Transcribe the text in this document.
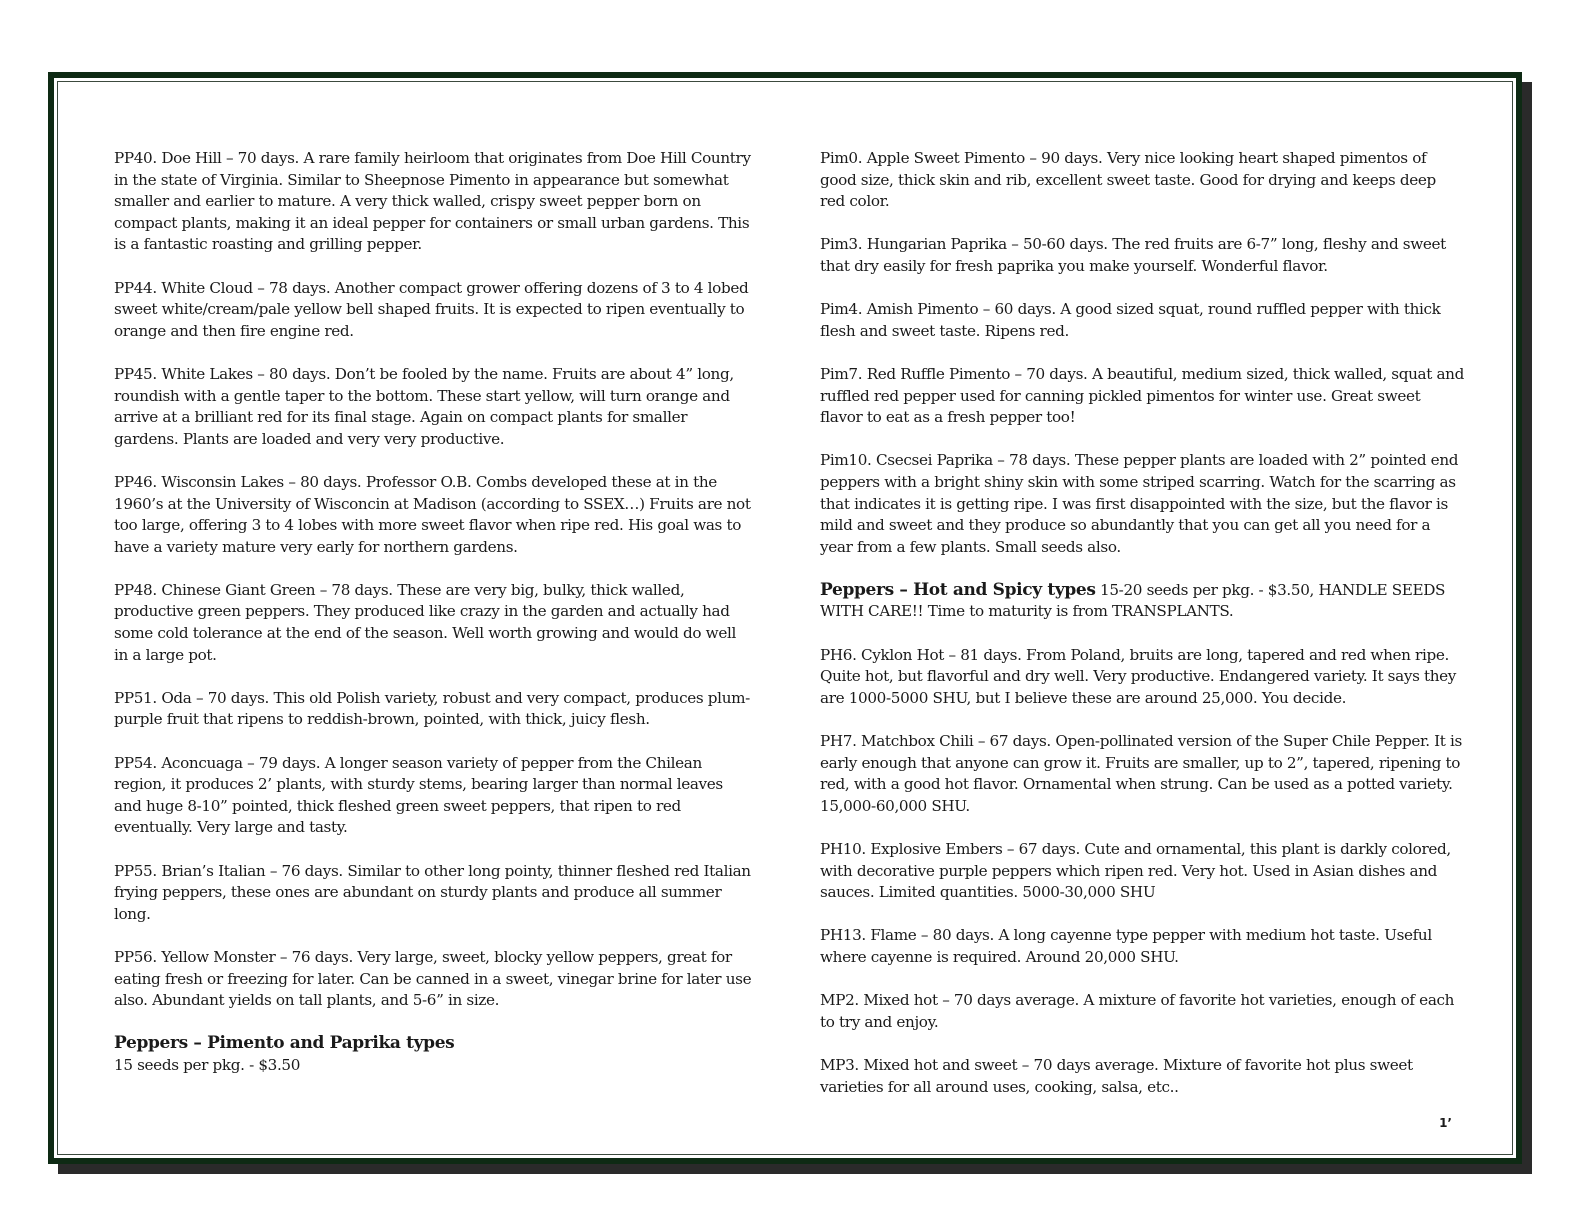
PP40. Doe Hill – 70 days. A rare family heirloom that originates from Doe Hill Country in the state of Virginia. Similar to Sheepnose Pimento in appearance but somewhat smaller and earlier to mature. A very thick walled, crispy sweet pepper born on compact plants, making it an ideal pepper for containers or small urban gardens. This is a fantastic roasting and grilling pepper.

PP44. White Cloud – 78 days. Another compact grower offering dozens of 3 to 4 lobed sweet white/cream/pale yellow bell shaped fruits. It is expected to ripen eventually to orange and then fire engine red.

PP45. White Lakes – 80 days. Don’t be fooled by the name. Fruits are about 4” long, roundish with a gentle taper to the bottom. These start yellow, will turn orange and arrive at a brilliant red for its final stage. Again on compact plants for smaller gardens. Plants are loaded and very very productive.

PP46. Wisconsin Lakes – 80 days. Professor O.B. Combs developed these at in the 1960’s at the University of Wisconcin at Madison (according to SSEX…) Fruits are not too large, offering 3 to 4 lobes with more sweet flavor when ripe red. His goal was to have a variety mature very early for northern gardens.

PP48. Chinese Giant Green – 78 days. These are very big, bulky, thick walled, productive green peppers. They produced like crazy in the garden and actually had some cold tolerance at the end of the season. Well worth growing and would do well in a large pot.

PP51. Oda – 70 days. This old Polish variety, robust and very compact, produces plum-purple fruit that ripens to reddish-brown, pointed, with thick, juicy flesh.

PP54. Aconcuaga – 79 days. A longer season variety of pepper from the Chilean region, it produces 2’ plants, with sturdy stems, bearing larger than normal leaves and huge 8-10” pointed, thick fleshed green sweet peppers, that ripen to red eventually. Very large and tasty.

PP55. Brian’s Italian – 76 days. Similar to other long pointy, thinner fleshed red Italian frying peppers, these ones are abundant on sturdy plants and produce all summer long.

PP56. Yellow Monster – 76 days. Very large, sweet, blocky yellow peppers, great for eating fresh or freezing for later. Can be canned in a sweet, vinegar brine for later use also. Abundant yields on tall plants, and 5-6” in size.

Peppers – Pimento and Paprika types
15 seeds per pkg. - $3.50

Pim0. Apple Sweet Pimento – 90 days. Very nice looking heart shaped pimentos of good size, thick skin and rib, excellent sweet taste. Good for drying and keeps deep red color.

Pim3. Hungarian Paprika – 50-60 days. The red fruits are 6-7” long, fleshy and sweet that dry easily for fresh paprika you make yourself. Wonderful flavor.

Pim4. Amish Pimento – 60 days. A good sized squat, round ruffled pepper with thick flesh and sweet taste. Ripens red.

Pim7. Red Ruffle Pimento – 70 days. A beautiful, medium sized, thick walled, squat and ruffled red pepper used for canning pickled pimentos for winter use. Great sweet flavor to eat as a fresh pepper too!

Pim10. Csecsei Paprika – 78 days. These pepper plants are loaded with 2” pointed end peppers with a bright shiny skin with some striped scarring. Watch for the scarring as that indicates it is getting ripe. I was first disappointed with the size, but the flavor is mild and sweet and they produce so abundantly that you can get all you need for a year from a few plants. Small seeds also.

Peppers – Hot and Spicy types 15-20 seeds per pkg. - $3.50, HANDLE SEEDS WITH CARE!! Time to maturity is from TRANSPLANTS.

PH6. Cyklon Hot – 81 days. From Poland, bruits are long, tapered and red when ripe. Quite hot, but flavorful and dry well. Very productive. Endangered variety. It says they are 1000-5000 SHU, but I believe these are around 25,000. You decide.

PH7. Matchbox Chili – 67 days. Open-pollinated version of the Super Chile Pepper. It is early enough that anyone can grow it. Fruits are smaller, up to 2”, tapered, ripening to red, with a good hot flavor. Ornamental when strung. Can be used as a potted variety. 15,000-60,000 SHU.

PH10. Explosive Embers – 67 days. Cute and ornamental, this plant is darkly colored, with decorative purple peppers which ripen red. Very hot. Used in Asian dishes and sauces. Limited quantities. 5000-30,000 SHU

PH13. Flame – 80 days. A long cayenne type pepper with medium hot taste. Useful where cayenne is required. Around 20,000 SHU.

MP2. Mixed hot – 70 days average. A mixture of favorite hot varieties, enough of each to try and enjoy.

MP3. Mixed hot and sweet – 70 days average. Mixture of favorite hot plus sweet varieties for all around uses, cooking, salsa, etc..

1’
